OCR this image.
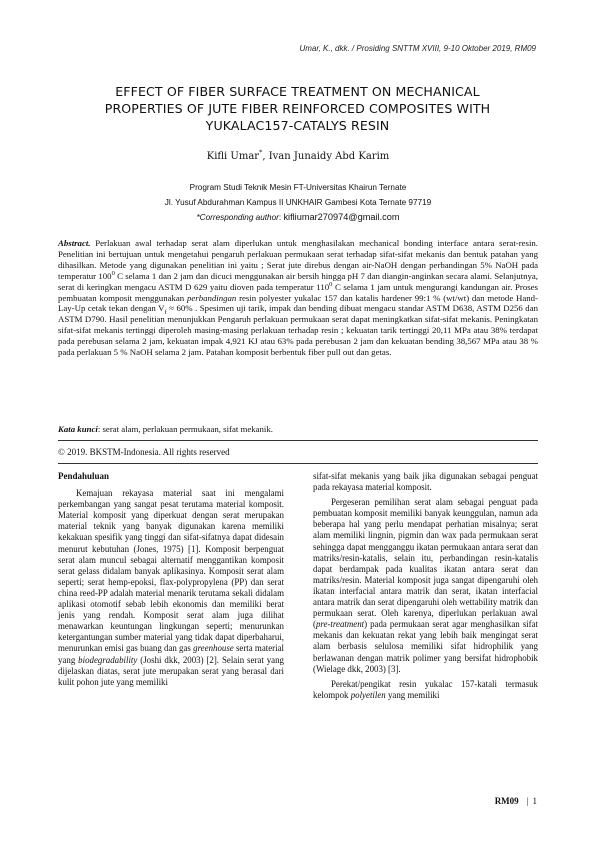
Umar, K., dkk. / Prosiding SNTTM XVIII, 9-10 Oktober 2019, RM09
EFFECT OF FIBER SURFACE TREATMENT ON MECHANICAL
PROPERTIES OF JUTE FIBER REINFORCED COMPOSITES WITH
YUKALAC157-CATALYS RESIN
Kifli Umar*, Ivan Junaidy Abd Karim
Program Studi Teknik Mesin FT-Universitas Khairun Ternate
Jl. Yusuf Abdurahman Kampus II UNKHAIR Gambesi Kota Ternate 97719
*Corresponding author: kifliumar270974@gmail.com
Abstract. Perlakuan awal terhadap serat alam diperlukan untuk menghasilakan mechanical bonding interface antara serat-resin. Penelitian ini bertujuan untuk mengetahui pengaruh perlakuan permukaan serat terhadap sifat-sifat mekanis dan bentuk patahan yang dihasilkan. Metode yang digunakan penelitian ini yaitu ; Serat jute direbus dengan air-NaOH dengan perbandingan 5% NaOH pada temperatur $100^0$ C selama 1 dan 2 jam dan dicuci menggunakan air bersih hingga pH 7 dan diangin-anginkan secara alami. Selanjutnya, serat di keringkan mengacu ASTM D 629 yaitu dioven pada temperatur $110^0$ C selama 1 jam untuk mengurangi kandungan air. Proses pembuatan komposit menggunakan perbandingan resin polyester yukalac 157 dan katalis hardener 99:1 % (wt/wt) dan metode Hand-Lay-Up cetak tekan dengan $V_f \approx 60\%$ . Spesimen uji tarik, impak dan bending dibuat mengacu standar ASTM D638, ASTM D256 dan ASTM D790. Hasil penelitian menunjukkan Pengaruh perlakuan permukaan serat dapat meningkatkan sifat-sifat mekanis. Peningkatan sifat-sifat mekanis tertinggi diperoleh masing-masing perlakuan terhadap resin ; kekuatan tarik tertinggi 20,11 MPa atau 38% terdapat pada perebusan selama 2 jam, kekuatan impak 4,921 KJ atau 63% pada perebusan 2 jam dan kekuatan bending 38,567 MPa atau 38 % pada perlakuan 5 % NaOH selama 2 jam. Patahan komposit berbentuk fiber pull out dan getas.
Kata kunci: serat alam, perlakuan permukaan, sifat mekanik.
© 2019. BKSTM-Indonesia. All rights reserved
Pendahuluan

Kemajuan rekayasa material saat ini mengalami perkembangan yang sangat pesat terutama material komposit. Material komposit yang diperkuat dengan serat merupakan material teknik yang banyak digunakan karena memiliki kekakuan spesifik yang tinggi dan sifat-sifatnya dapat didesain menurut kebutuhan (Jones, 1975) [1]. Komposit berpenguat serat alam muncul sebagai alternatif menggantikan komposit serat gelass didalam banyak aplikasinya. Komposit serat alam seperti; serat hemp-epoksi, flax-polypropylena (PP) dan serat china reed-PP adalah material menarik terutama sekali didalam aplikasi otomotif sebab lebih ekonomis dan memiliki berat jenis yang rendah. Komposit serat alam juga dilihat menawarkan keuntungan lingkungan seperti; menurunkan ketergantungan sumber material yang tidak dapat diperbaharui, menurunkan emisi gas buang dan gas greenhouse serta material yang biodegradability (Joshi dkk, 2003) [2]. Selain serat yang dijelaskan diatas, serat jute merupakan serat yang berasal dari kulit pohon jute yang memiliki

sifat-sifat mekanis yang baik jika digunakan sebagai penguat pada rekayasa material komposit.

Pergeseran pemilihan serat alam sebagai penguat pada pembuatan komposit memiliki banyak keunggulan, namun ada beberapa hal yang perlu mendapat perhatian misalnya; serat alam memiliki lingnin, pigmin dan wax pada permukaan serat sehingga dapat mengganggu ikatan permukaan antara serat dan matriks/resin-katalis, selain itu, perbandingan resin-katalis dapat berdampak pada kualitas ikatan antara serat dan matriks/resin. Material komposit juga sangat dipengaruhi oleh ikatan interfacial antara matrik dan serat, ikatan interfacial antara matrik dan serat dipengaruhi oleh wettability matrik dan permukaan serat. Oleh karenya, diperlukan perlakuan awal (pre-treatment) pada permukaan serat agar menghasilkan sifat mekanis dan kekuatan rekat yang lebih baik mengingat serat alam berbasis selulosa memiliki sifat hidrophilik yang berlawanan dengan matrik polimer yang bersifat hidrophobik (Wielage dkk, 2003) [3].

Perekat/pengikat resin yukalac 157-katali termasuk kelompok polyetilen yang memiliki

RM09 | 1
